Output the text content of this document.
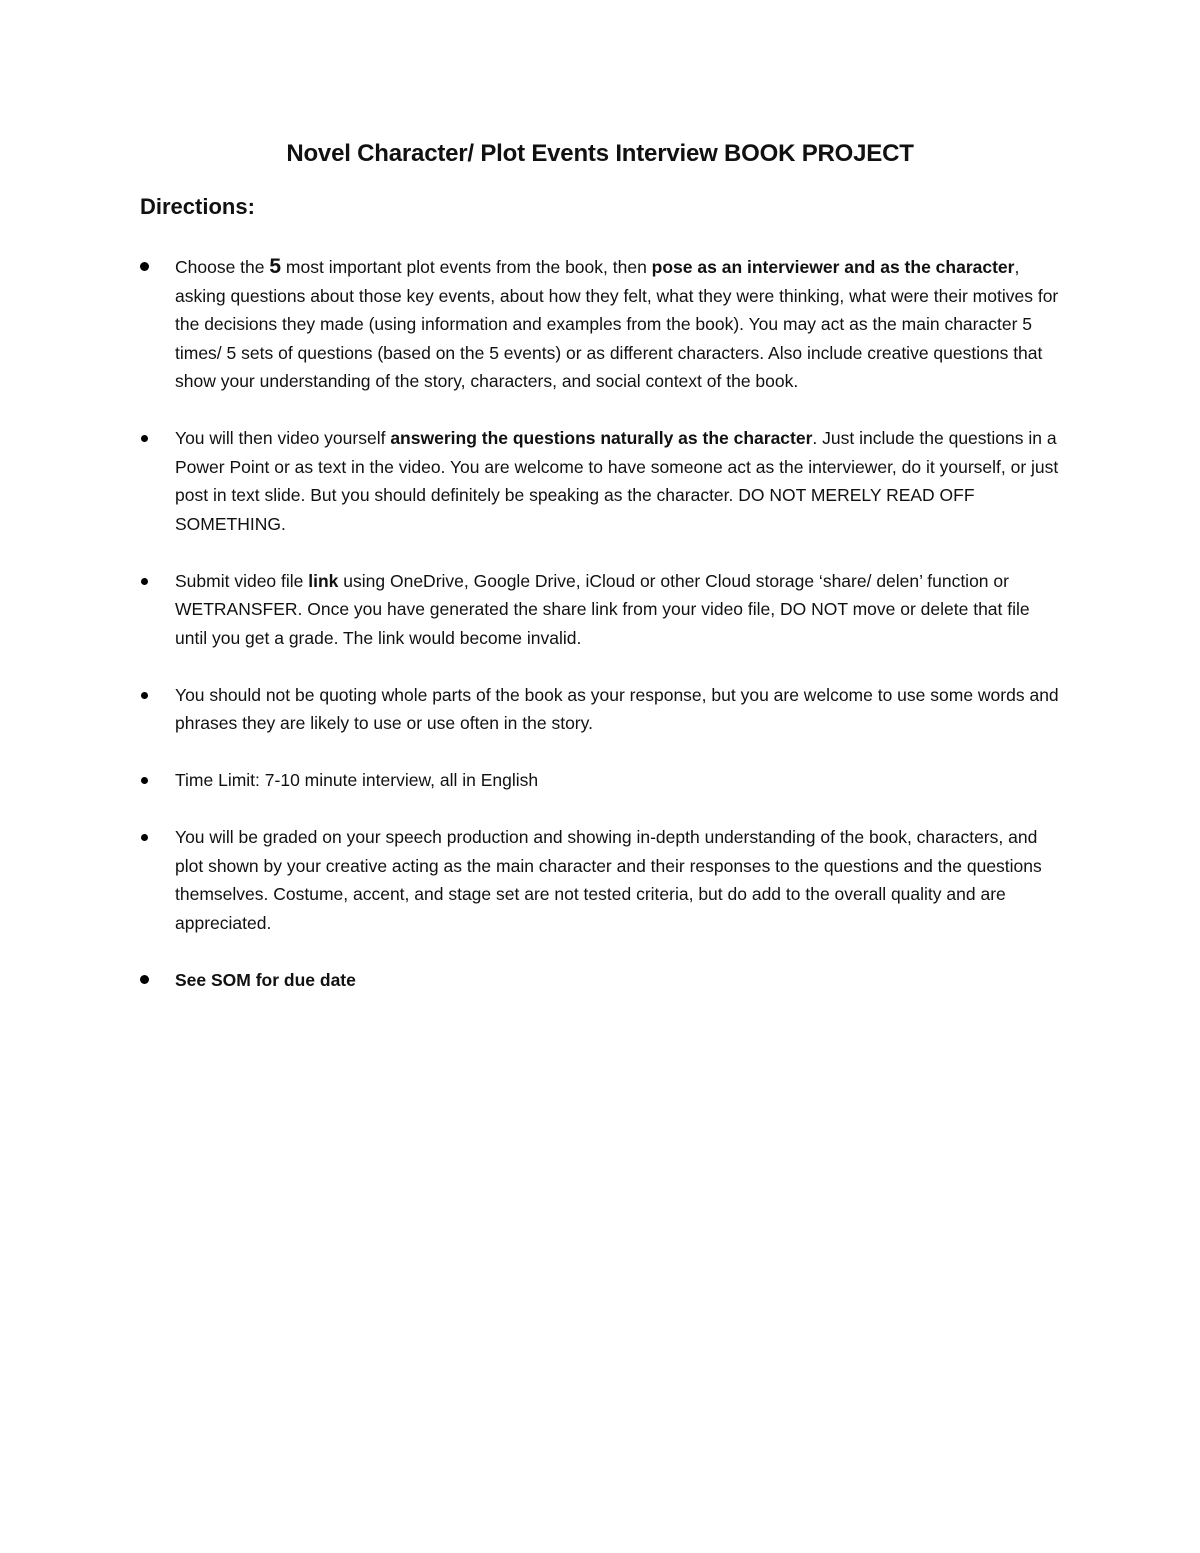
Novel Character/ Plot Events Interview BOOK PROJECT
Directions:
Choose the 5 most important plot events from the book, then pose as an interviewer and as the character, asking questions about those key events, about how they felt, what they were thinking, what were their motives for the decisions they made (using information and examples from the book). You may act as the main character 5 times/ 5 sets of questions (based on the 5 events) or as different characters. Also include creative questions that show your understanding of the story, characters, and social context of the book.
You will then video yourself answering the questions naturally as the character. Just include the questions in a Power Point or as text in the video. You are welcome to have someone act as the interviewer, do it yourself, or just post in text slide. But you should definitely be speaking as the character. DO NOT MERELY READ OFF SOMETHING.
Submit video file link using OneDrive, Google Drive, iCloud or other Cloud storage ‘share/ delen’ function or WETRANSFER. Once you have generated the share link from your video file, DO NOT move or delete that file until you get a grade. The link would become invalid.
You should not be quoting whole parts of the book as your response, but you are welcome to use some words and phrases they are likely to use or use often in the story.
Time Limit: 7-10 minute interview, all in English
You will be graded on your speech production and showing in-depth understanding of the book, characters, and plot shown by your creative acting as the main character and their responses to the questions and the questions themselves. Costume, accent, and stage set are not tested criteria, but do add to the overall quality and are appreciated.
See SOM for due date
